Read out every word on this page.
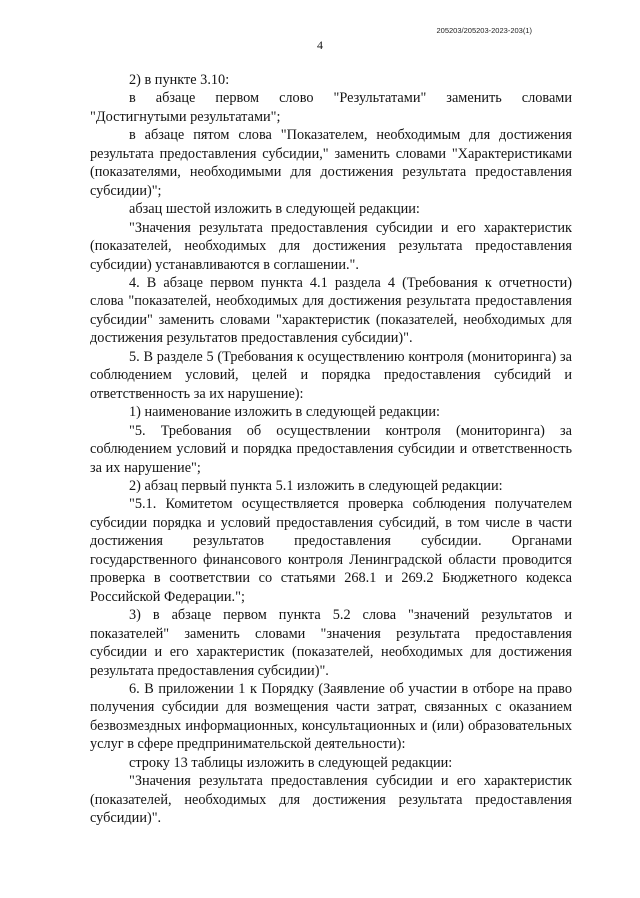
205203/205203-2023-203(1)
4

2) в пункте 3.10:

в абзаце первом слово "Результатами" заменить словами "Достигнутыми результатами";

в абзаце пятом слова "Показателем, необходимым для достижения результата предоставления субсидии," заменить словами "Характеристиками (показателями, необходимыми для достижения результата предоставления субсидии)";

абзац шестой изложить в следующей редакции:

"Значения результата предоставления субсидии и его характеристик (показателей, необходимых для достижения результата предоставления субсидии) устанавливаются в соглашении.".

4. В абзаце первом пункта 4.1 раздела 4 (Требования к отчетности) слова "показателей, необходимых для достижения результата предоставления субсидии" заменить словами "характеристик (показателей, необходимых для достижения результатов предоставления субсидии)".

5. В разделе 5 (Требования к осуществлению контроля (мониторинга) за соблюдением условий, целей и порядка предоставления субсидий и ответственность за их нарушение):

1) наименование изложить в следующей редакции:

"5. Требования об осуществлении контроля (мониторинга) за соблюдением условий и порядка предоставления субсидии и ответственность за их нарушение";

2) абзац первый пункта 5.1 изложить в следующей редакции:

"5.1. Комитетом осуществляется проверка соблюдения получателем субсидии порядка и условий предоставления субсидий, в том числе в части достижения результатов предоставления субсидии. Органами государственного финансового контроля Ленинградской области проводится проверка в соответствии со статьями 268.1 и 269.2 Бюджетного кодекса Российской Федерации.";

3) в абзаце первом пункта 5.2 слова "значений результатов и показателей" заменить словами "значения результата предоставления субсидии и его характеристик (показателей, необходимых для достижения результата предоставления субсидии)".

6. В приложении 1 к Порядку (Заявление об участии в отборе на право получения субсидии для возмещения части затрат, связанных с оказанием безвозмездных информационных, консультационных и (или) образовательных услуг в сфере предпринимательской деятельности):

строку 13 таблицы изложить в следующей редакции:

"Значения результата предоставления субсидии и его характеристик (показателей, необходимых для достижения результата предоставления субсидии)".
